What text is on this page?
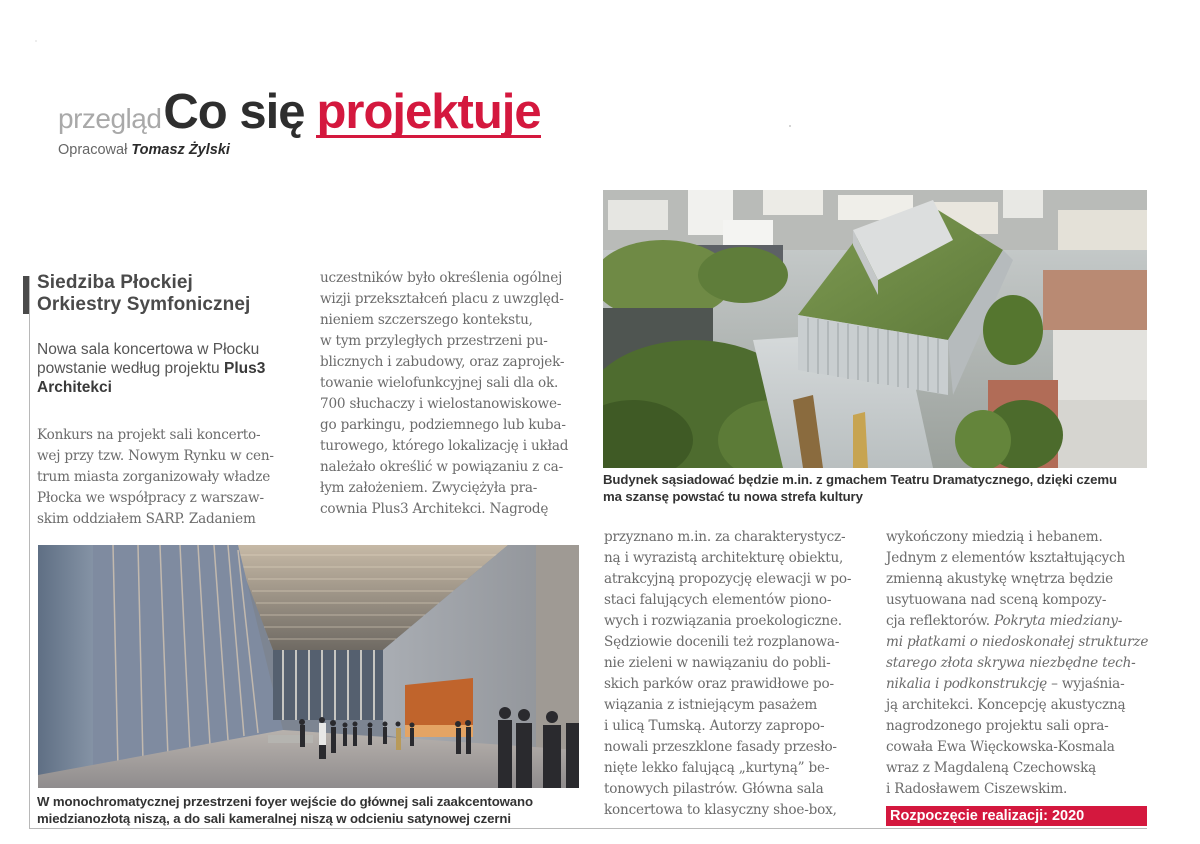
przegląd Co się projektuje
Opracował Tomasz Żylski
Siedziba Płockiej
Orkiestry Symfonicznej
Nowa sala koncertowa w Płocku
powstanie według projektu Plus3
Architekci

Konkurs na projekt sali koncerto-

wej przy tzw. Nowym Rynku w cen-

trum miasta zorganizowały władze

Płocka we współpracy z warszaw-

skim oddziałem SARP. Zadaniem

uczestników było określenia ogólnej

wizji przekształceń placu z uwzględ-

nieniem szczerszego kontekstu,

w tym przyległych przestrzeni pu-

blicznych i zabudowy, oraz zaprojek-

towanie wielofunkcyjnej sali dla ok.

700 słuchaczy i wielostanowiskowe-

go parkingu, podziemnego lub kuba-

turowego, którego lokalizację i układ

należało określić w powiązaniu z ca-

łym założeniem. Zwyciężyła pra-

cownia Plus3 Architekci. Nagrodę

przyznano m.in. za charakterystycz-

ną i wyrazistą architekturę obiektu,

atrakcyjną propozycję elewacji w po-

staci falujących elementów piono-

wych i rozwiązania proekologiczne.

Sędziowie docenili też rozplanowa-

nie zieleni w nawiązaniu do pobli-

skich parków oraz prawidłowe po-

wiązania z istniejącym pasażem

i ulicą Tumską. Autorzy zapropo-

nowali przeszklone fasady przesło-

nięte lekko falującą „kurtyną” be-

tonowych pilastrów. Główna sala

koncertowa to klasyczny shoe-box,

wykończony miedzią i hebanem.

Jednym z elementów kształtujących

zmienną akustykę wnętrza będzie

usytuowana nad sceną kompozy-

cja reflektorów. Pokryta miedziany-

mi płatkami o niedoskonałej strukturze

starego złota skrywa niezbędne tech-

nikalia i podkonstrukcję – wyjaśnia-

ją architekci. Koncepcję akustyczną

nagrodzonego projektu sali opra-

cowała Ewa Więckowska-Kosmala

wraz z Magdaleną Czechowską

i Radosławem Ciszewskim.

Budynek sąsiadować będzie m.in. z gmachem Teatru Dramatycznego, dzięki czemu
ma szansę powstać tu nowa strefa kultury
W monochromatycznej przestrzeni foyer wejście do głównej sali zaakcentowano
miedzianozłotą niszą, a do sali kameralnej niszą w odcieniu satynowej czerni	Rozpoczęcie realizacji: 2020
